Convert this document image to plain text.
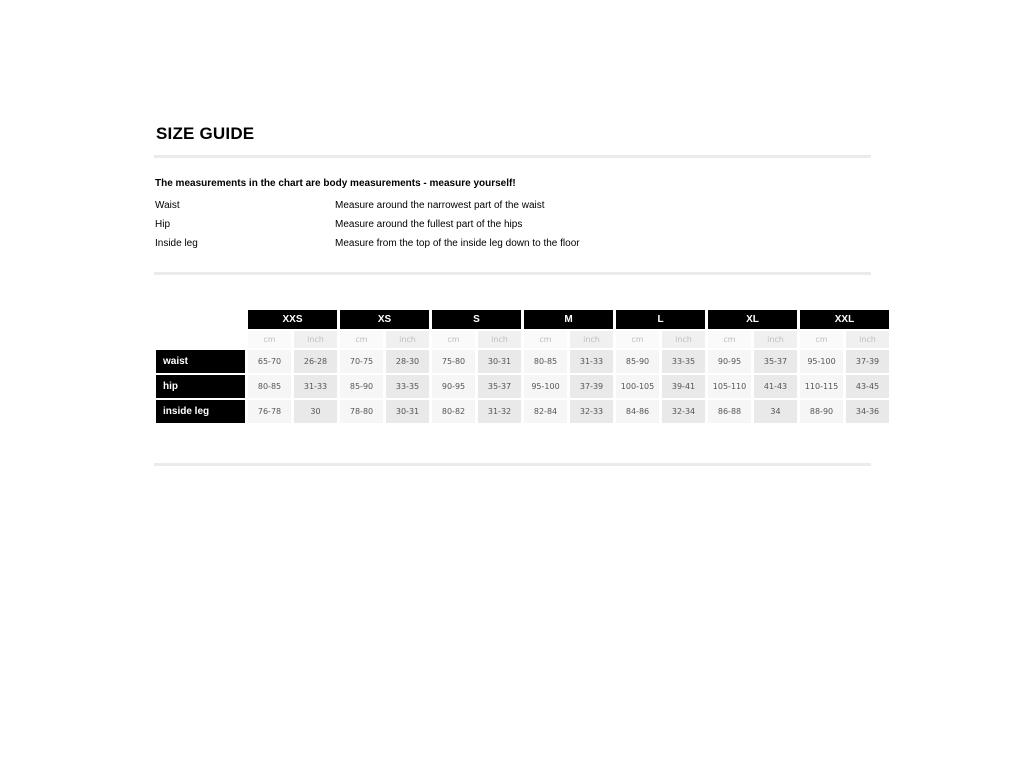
SIZE GUIDE
The measurements in the chart are body measurements - measure yourself!
Waist	Measure around the narrowest part of the waist
Hip	Measure around the fullest part of the hips
Inside leg	Measure from the top of the inside leg down to the floor
	XXS		XS		S		M		L		XL		XXL	
	cm	inch	cm	inch	cm	inch	cm	inch	cm	inch	cm	inch	cm	inch
waist	65-70	26-28	70-75	28-30	75-80	30-31	80-85	31-33	85-90	33-35	90-95	35-37	95-100	37-39
hip	80-85	31-33	85-90	33-35	90-95	35-37	95-100	37-39	100-105	39-41	105-110	41-43	110-115	43-45
inside leg	76-78	30	78-80	30-31	80-82	31-32	82-84	32-33	84-86	32-34	86-88	34	88-90	34-36
